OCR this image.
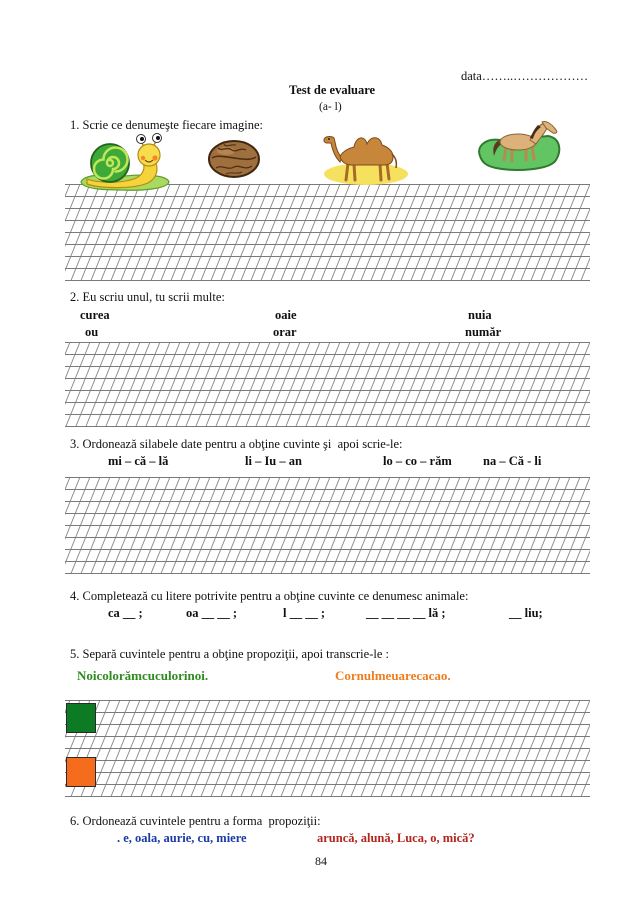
data……..………………
Test de evaluare
(a- l)
1. Scrie ce denumeşte fiecare imagine:
2. Eu scriu unul, tu scrii multe:
curea	oaie	nuia
ou	orar	număr
3. Ordonează silabele date pentru a obţine cuvinte şi  apoi scrie-le:
mi – că – lă	li – Iu – an	lo – co – răm	na – Că - li
4. Completează cu litere potrivite pentru a obţine cuvinte ce denumesc animale:
ca __ ;	oa __ __ ;	l __ __ ;	__ __ __ __ lă ;	__ liu;
5. Separă cuvintele pentru a obţine propoziţii, apoi transcrie-le :
Noicolorămcuculorinoi.	Cornulmeuarecacao.
6. Ordonează cuvintele pentru a forma  propoziţii:
. e, oala, aurie, cu, miere	aruncă, alună, Luca, o, mică?
84
